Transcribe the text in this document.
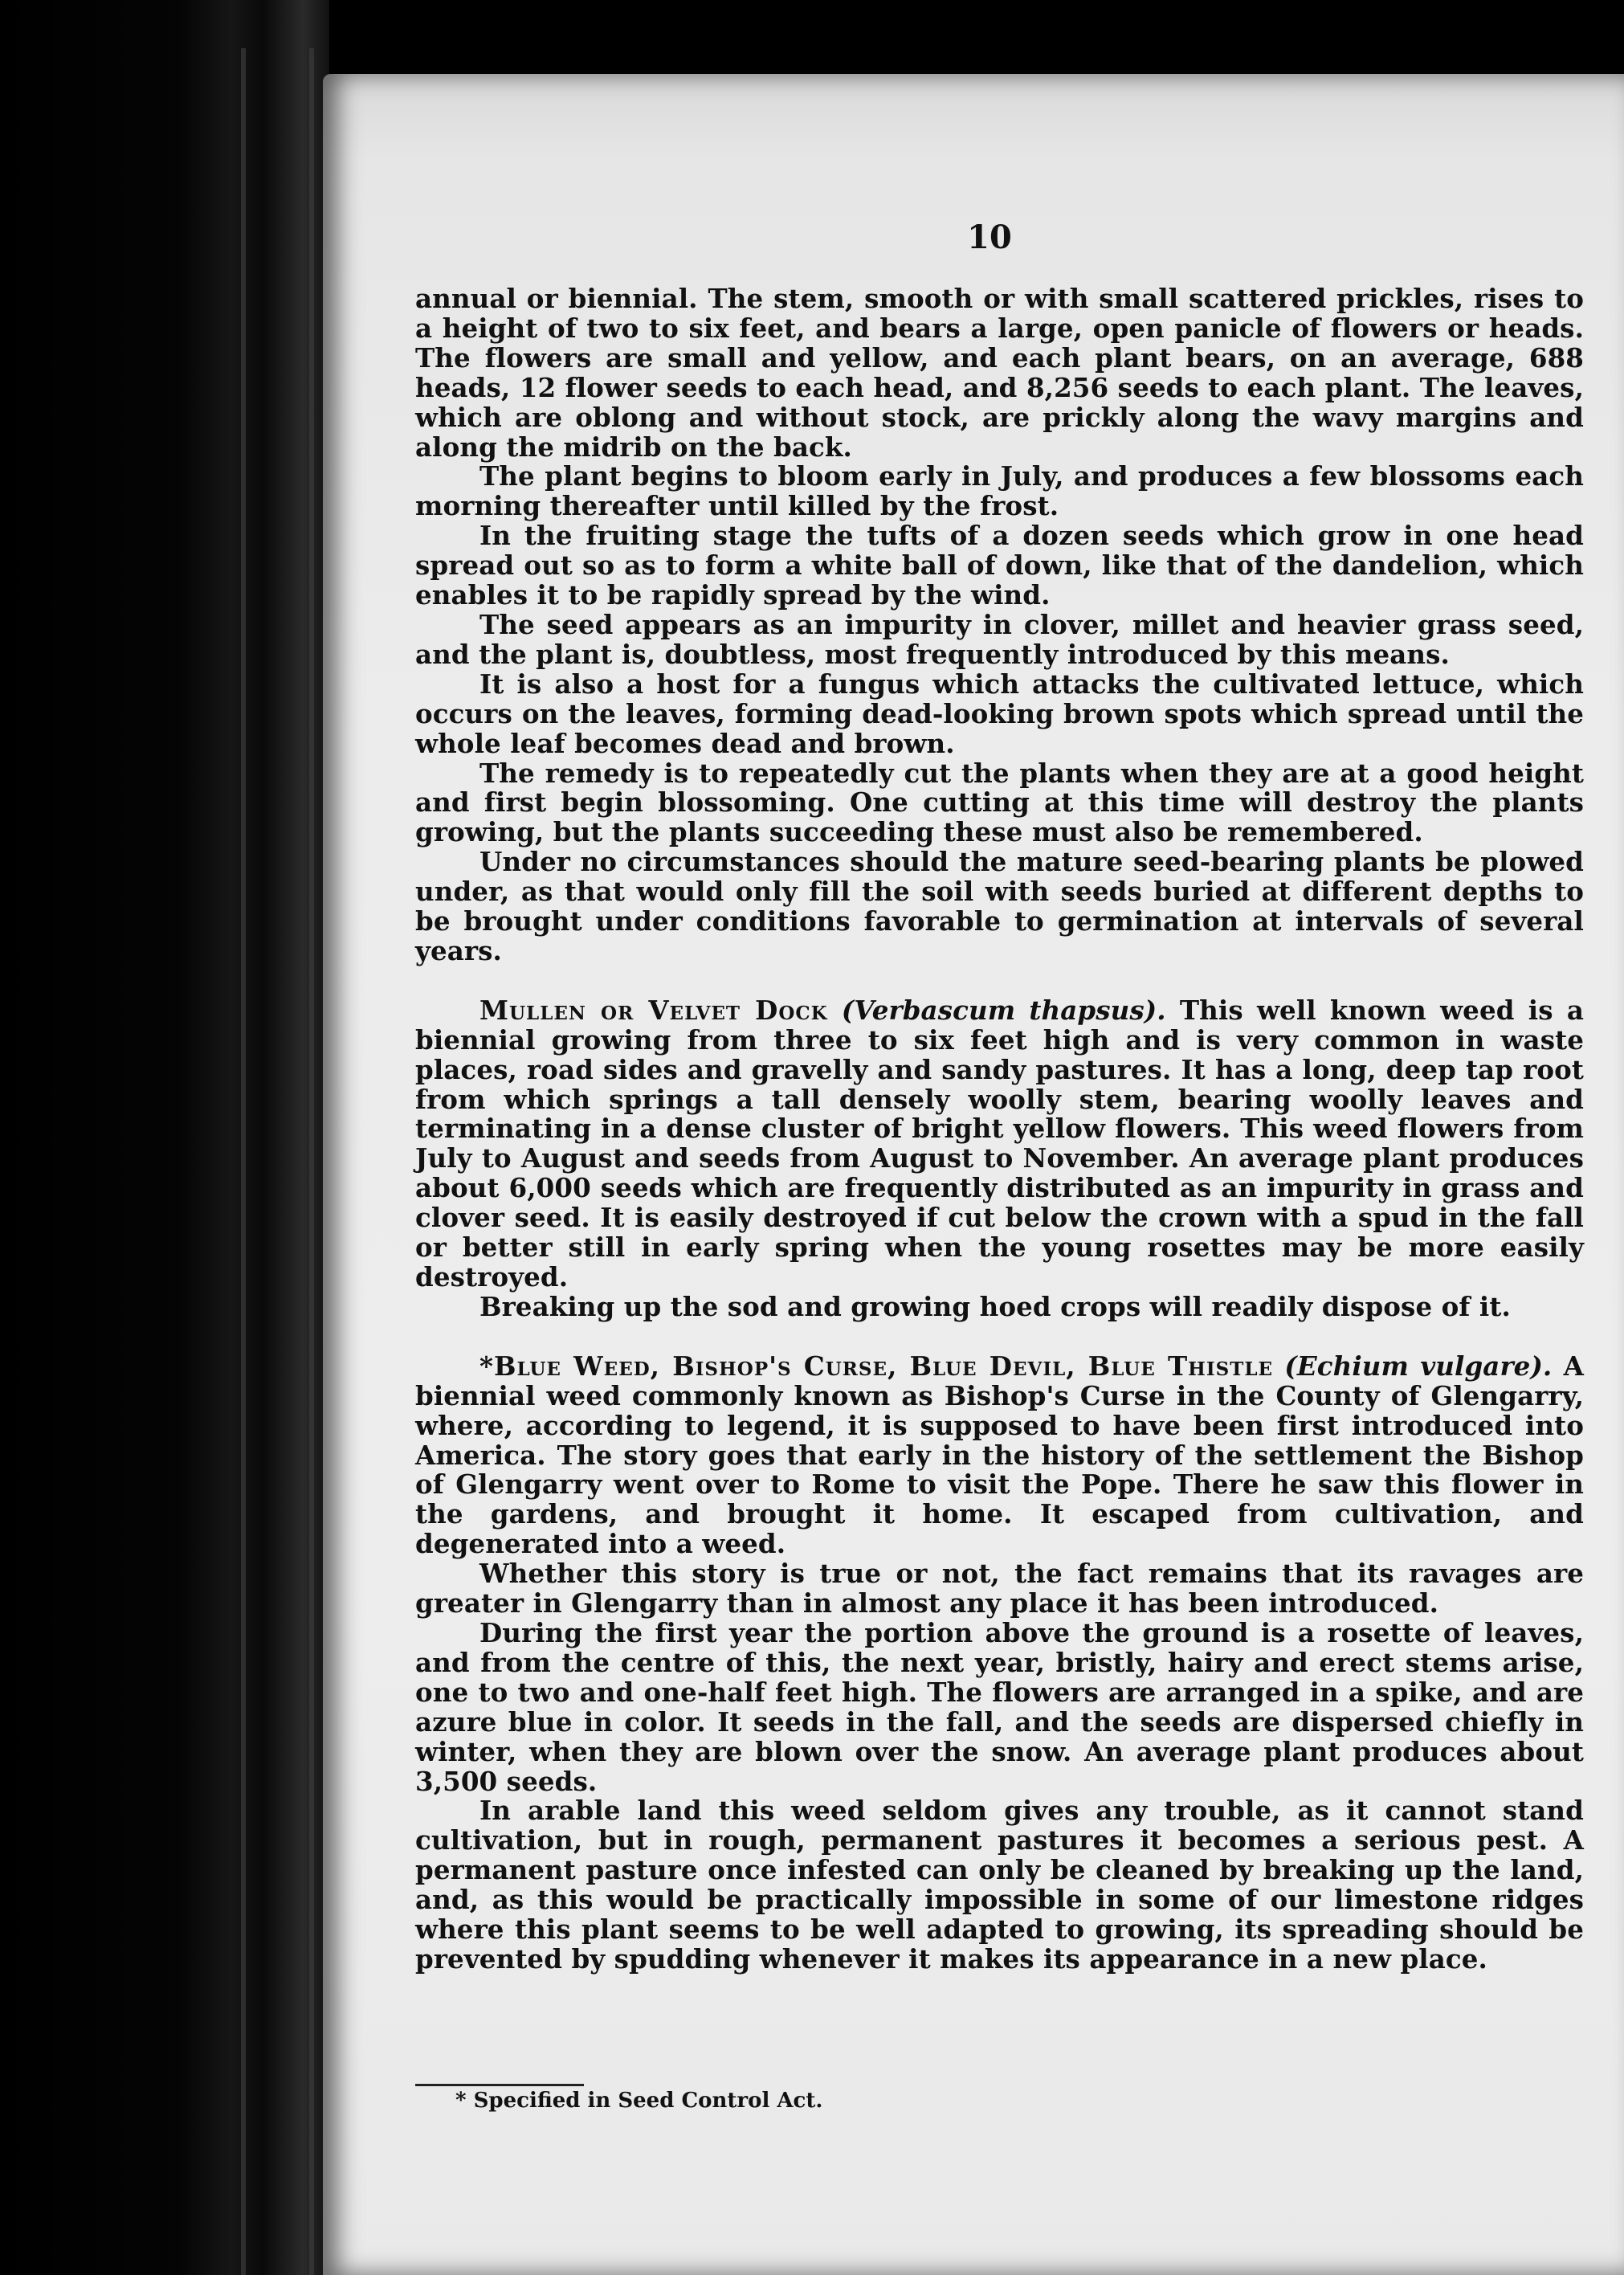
10

annual or biennial. The stem, smooth or with small scattered prickles, rises to a height of two to six feet, and bears a large, open panicle of flowers or heads. The flowers are small and yellow, and each plant bears, on an average, 688 heads, 12 flower seeds to each head, and 8,256 seeds to each plant. The leaves, which are oblong and without stock, are prickly along the wavy margins and along the midrib on the back.

The plant begins to bloom early in July, and produces a few blossoms each morning thereafter until killed by the frost.

In the fruiting stage the tufts of a dozen seeds which grow in one head spread out so as to form a white ball of down, like that of the dandelion, which enables it to be rapidly spread by the wind.

The seed appears as an impurity in clover, millet and heavier grass seed, and the plant is, doubtless, most frequently introduced by this means.

It is also a host for a fungus which attacks the cultivated lettuce, which occurs on the leaves, forming dead-looking brown spots which spread until the whole leaf becomes dead and brown.

The remedy is to repeatedly cut the plants when they are at a good height and first begin blossoming. One cutting at this time will destroy the plants growing, but the plants succeeding these must also be remembered.

Under no circumstances should the mature seed-bearing plants be plowed under, as that would only fill the soil with seeds buried at different depths to be brought under conditions favorable to germination at intervals of several years.

Mullen or Velvet Dock (Verbascum thapsus). This well known weed is a biennial growing from three to six feet high and is very common in waste places, road sides and gravelly and sandy pastures. It has a long, deep tap root from which springs a tall densely woolly stem, bearing woolly leaves and terminating in a dense cluster of bright yellow flowers. This weed flowers from July to August and seeds from August to November. An average plant produces about 6,000 seeds which are frequently distributed as an impurity in grass and clover seed. It is easily destroyed if cut below the crown with a spud in the fall or better still in early spring when the young rosettes may be more easily destroyed.

Breaking up the sod and growing hoed crops will readily dispose of it.

*Blue Weed, Bishop's Curse, Blue Devil, Blue Thistle (Echium vulgare). A biennial weed commonly known as Bishop's Curse in the County of Glengarry, where, according to legend, it is supposed to have been first introduced into America. The story goes that early in the history of the settlement the Bishop of Glengarry went over to Rome to visit the Pope. There he saw this flower in the gardens, and brought it home. It escaped from cultivation, and degenerated into a weed.

Whether this story is true or not, the fact remains that its ravages are greater in Glengarry than in almost any place it has been introduced.

During the first year the portion above the ground is a rosette of leaves, and from the centre of this, the next year, bristly, hairy and erect stems arise, one to two and one-half feet high. The flowers are arranged in a spike, and are azure blue in color. It seeds in the fall, and the seeds are dispersed chiefly in winter, when they are blown over the snow. An average plant produces about 3,500 seeds.

In arable land this weed seldom gives any trouble, as it cannot stand cultivation, but in rough, permanent pastures it becomes a serious pest. A permanent pasture once infested can only be cleaned by breaking up the land, and, as this would be practically impossible in some of our limestone ridges where this plant seems to be well adapted to growing, its spreading should be prevented by spudding whenever it makes its appearance in a new place.

* Specified in Seed Control Act.
